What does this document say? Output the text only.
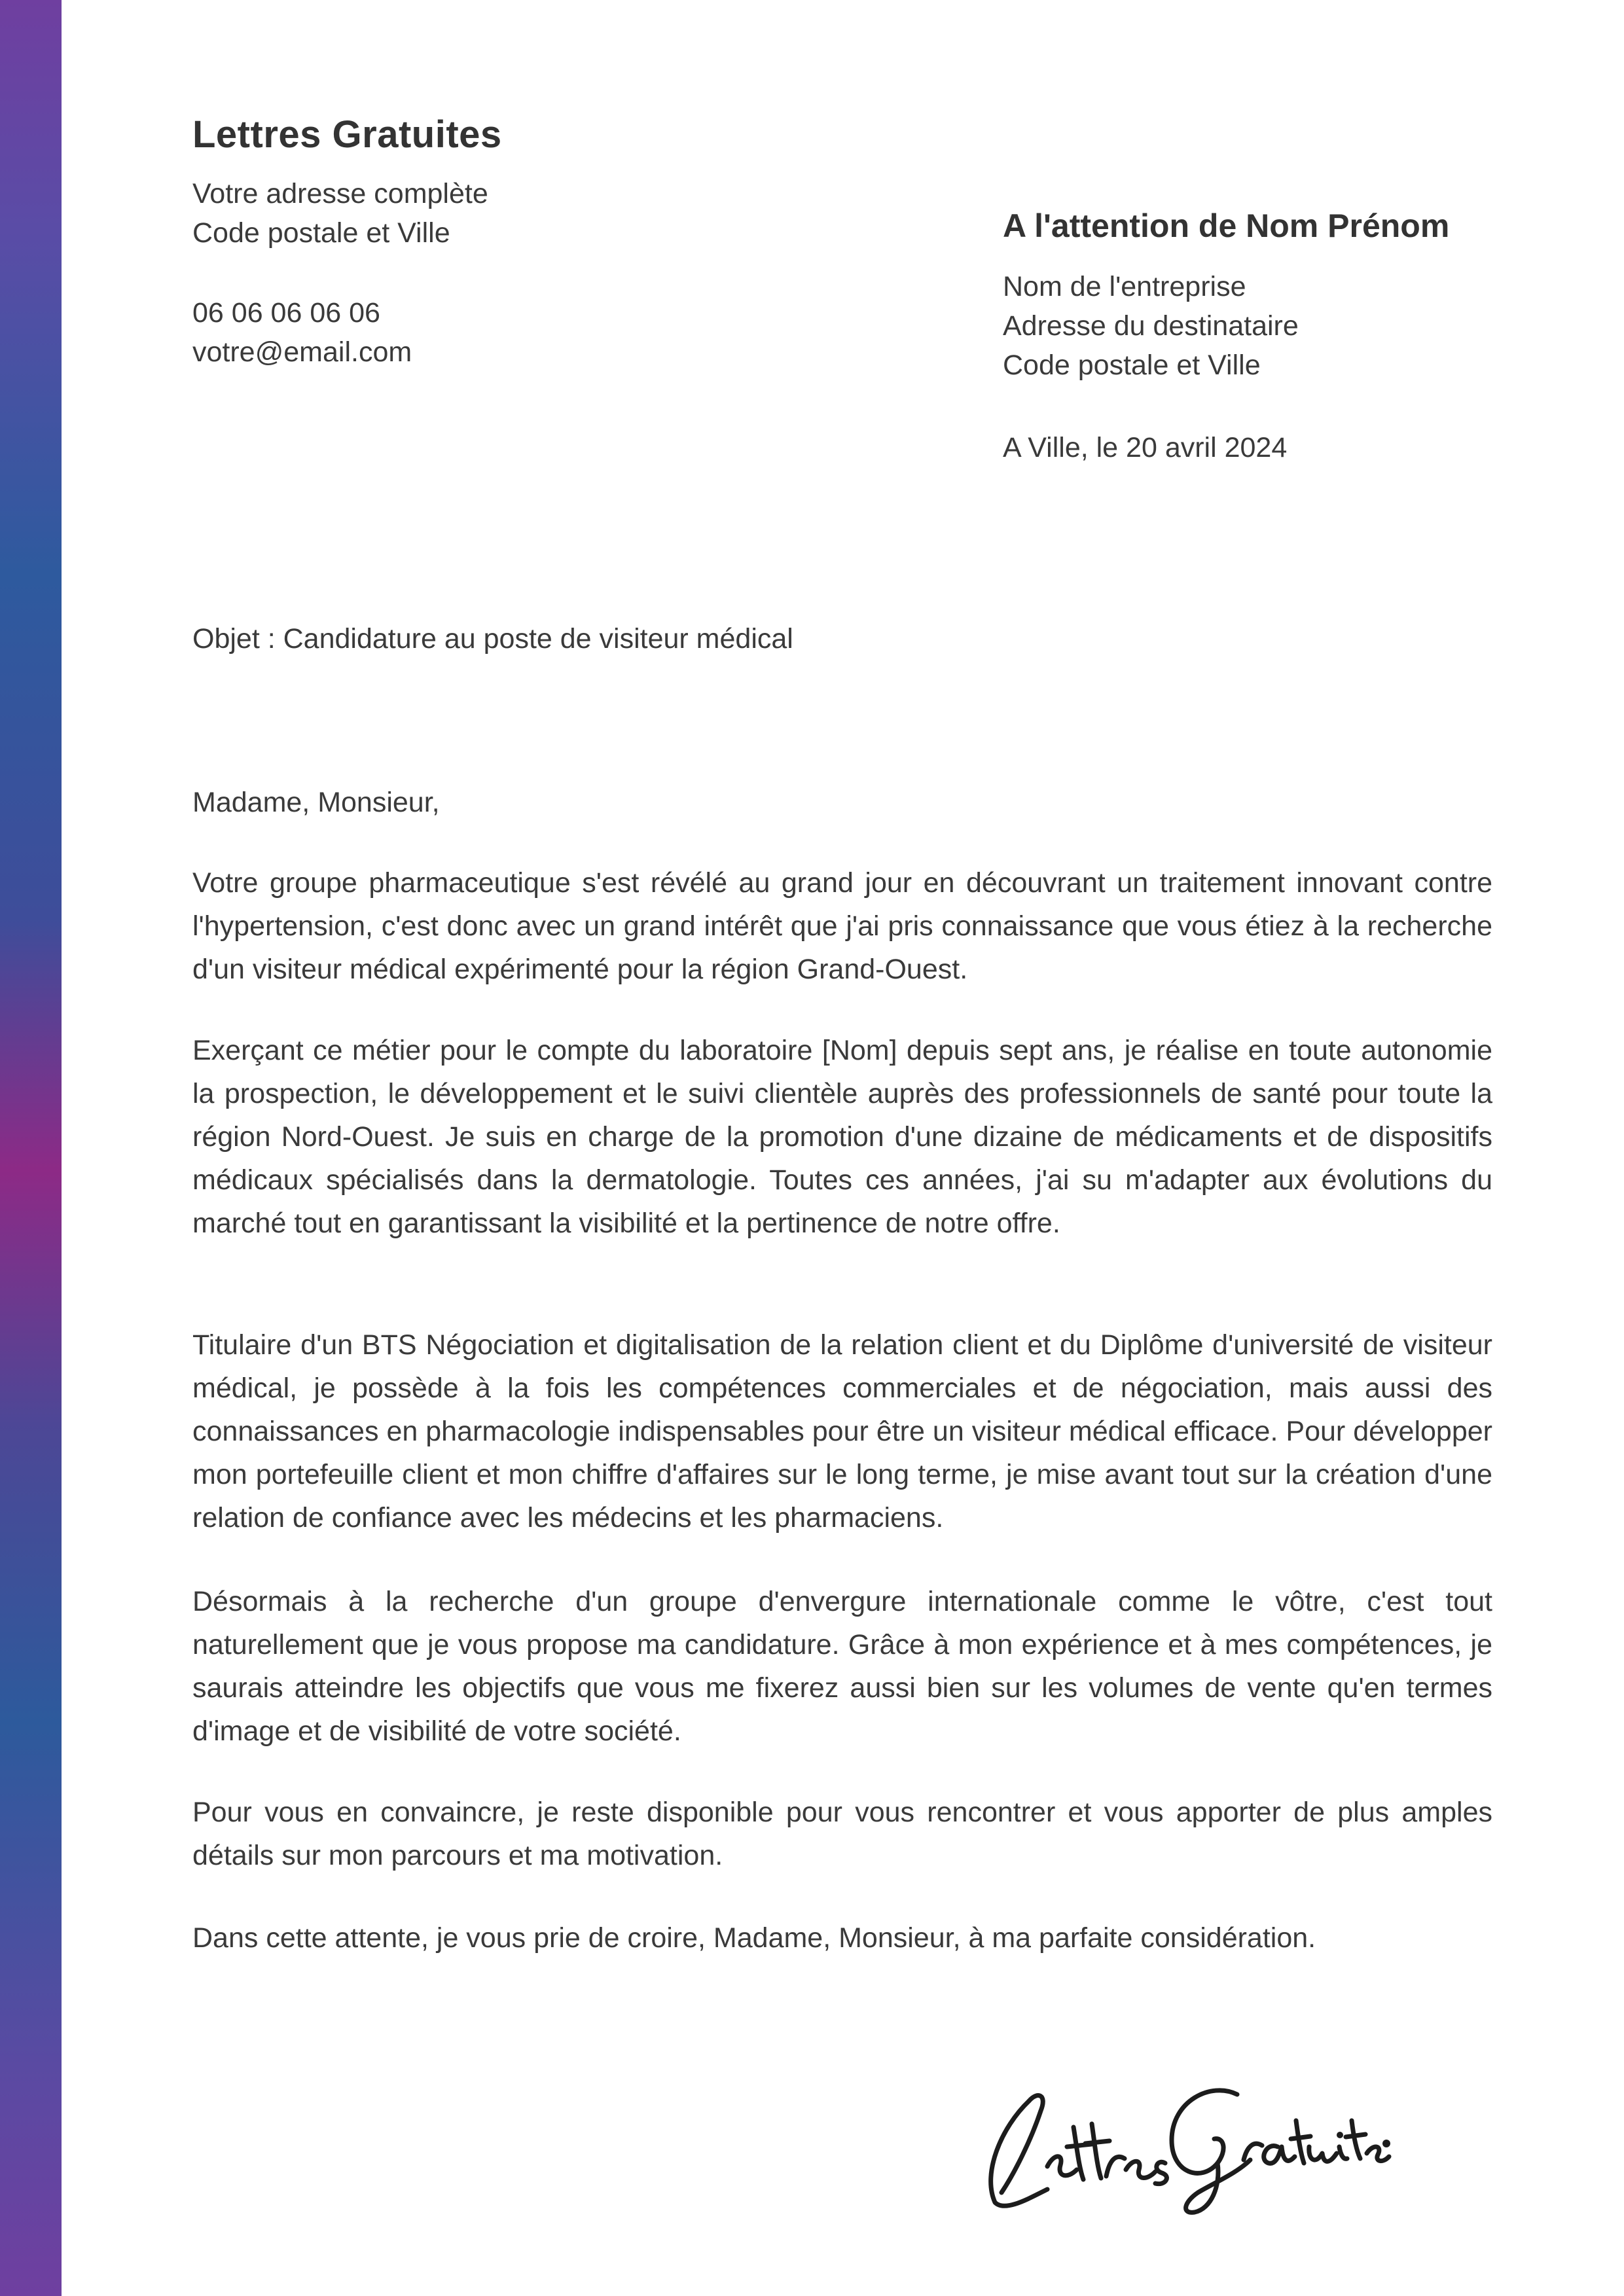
Lettres Gratuites
Votre adresse complète
Code postale et Ville
06 06 06 06 06
votre@email.com
A l'attention de Nom Prénom
Nom de l'entreprise
Adresse du destinataire
Code postale et Ville
A Ville, le 20 avril 2024
Objet : Candidature au poste de visiteur médical
Madame, Monsieur,

Votre groupe pharmaceutique s'est révélé au grand jour en découvrant un traitement innovant contre l'hypertension, c'est donc avec un grand intérêt que j'ai pris connaissance que vous étiez à la recherche d'un visiteur médical expérimenté pour la région Grand-Ouest.

Exerçant ce métier pour le compte du laboratoire [Nom] depuis sept ans, je réalise en toute autonomie la prospection, le développement et le suivi clientèle auprès des professionnels de santé pour toute la région Nord-Ouest. Je suis en charge de la promotion d'une dizaine de médicaments et de dispositifs médicaux spécialisés dans la dermatologie. Toutes ces années, j'ai su m'adapter aux évolutions du marché tout en garantissant la visibilité et la pertinence de notre offre.

Titulaire d'un BTS Négociation et digitalisation de la relation client et du Diplôme d'université de visiteur médical, je possède à la fois les compétences commerciales et de négociation, mais aussi des connaissances en pharmacologie indispensables pour être un visiteur médical efficace. Pour développer mon portefeuille client et mon chiffre d'affaires sur le long terme, je mise avant tout sur la création d'une relation de confiance avec les médecins et les pharmaciens.

Désormais à la recherche d'un groupe d'envergure internationale comme le vôtre, c'est tout naturellement que je vous propose ma candidature. Grâce à mon expérience et à mes compétences, je saurais atteindre les objectifs que vous me fixerez aussi bien sur les volumes de vente qu'en termes d'image et de visibilité de votre société.

Pour vous en convaincre, je reste disponible pour vous rencontrer et vous apporter de plus amples détails sur mon parcours et ma motivation.

Dans cette attente, je vous prie de croire, Madame, Monsieur, à ma parfaite considération.
